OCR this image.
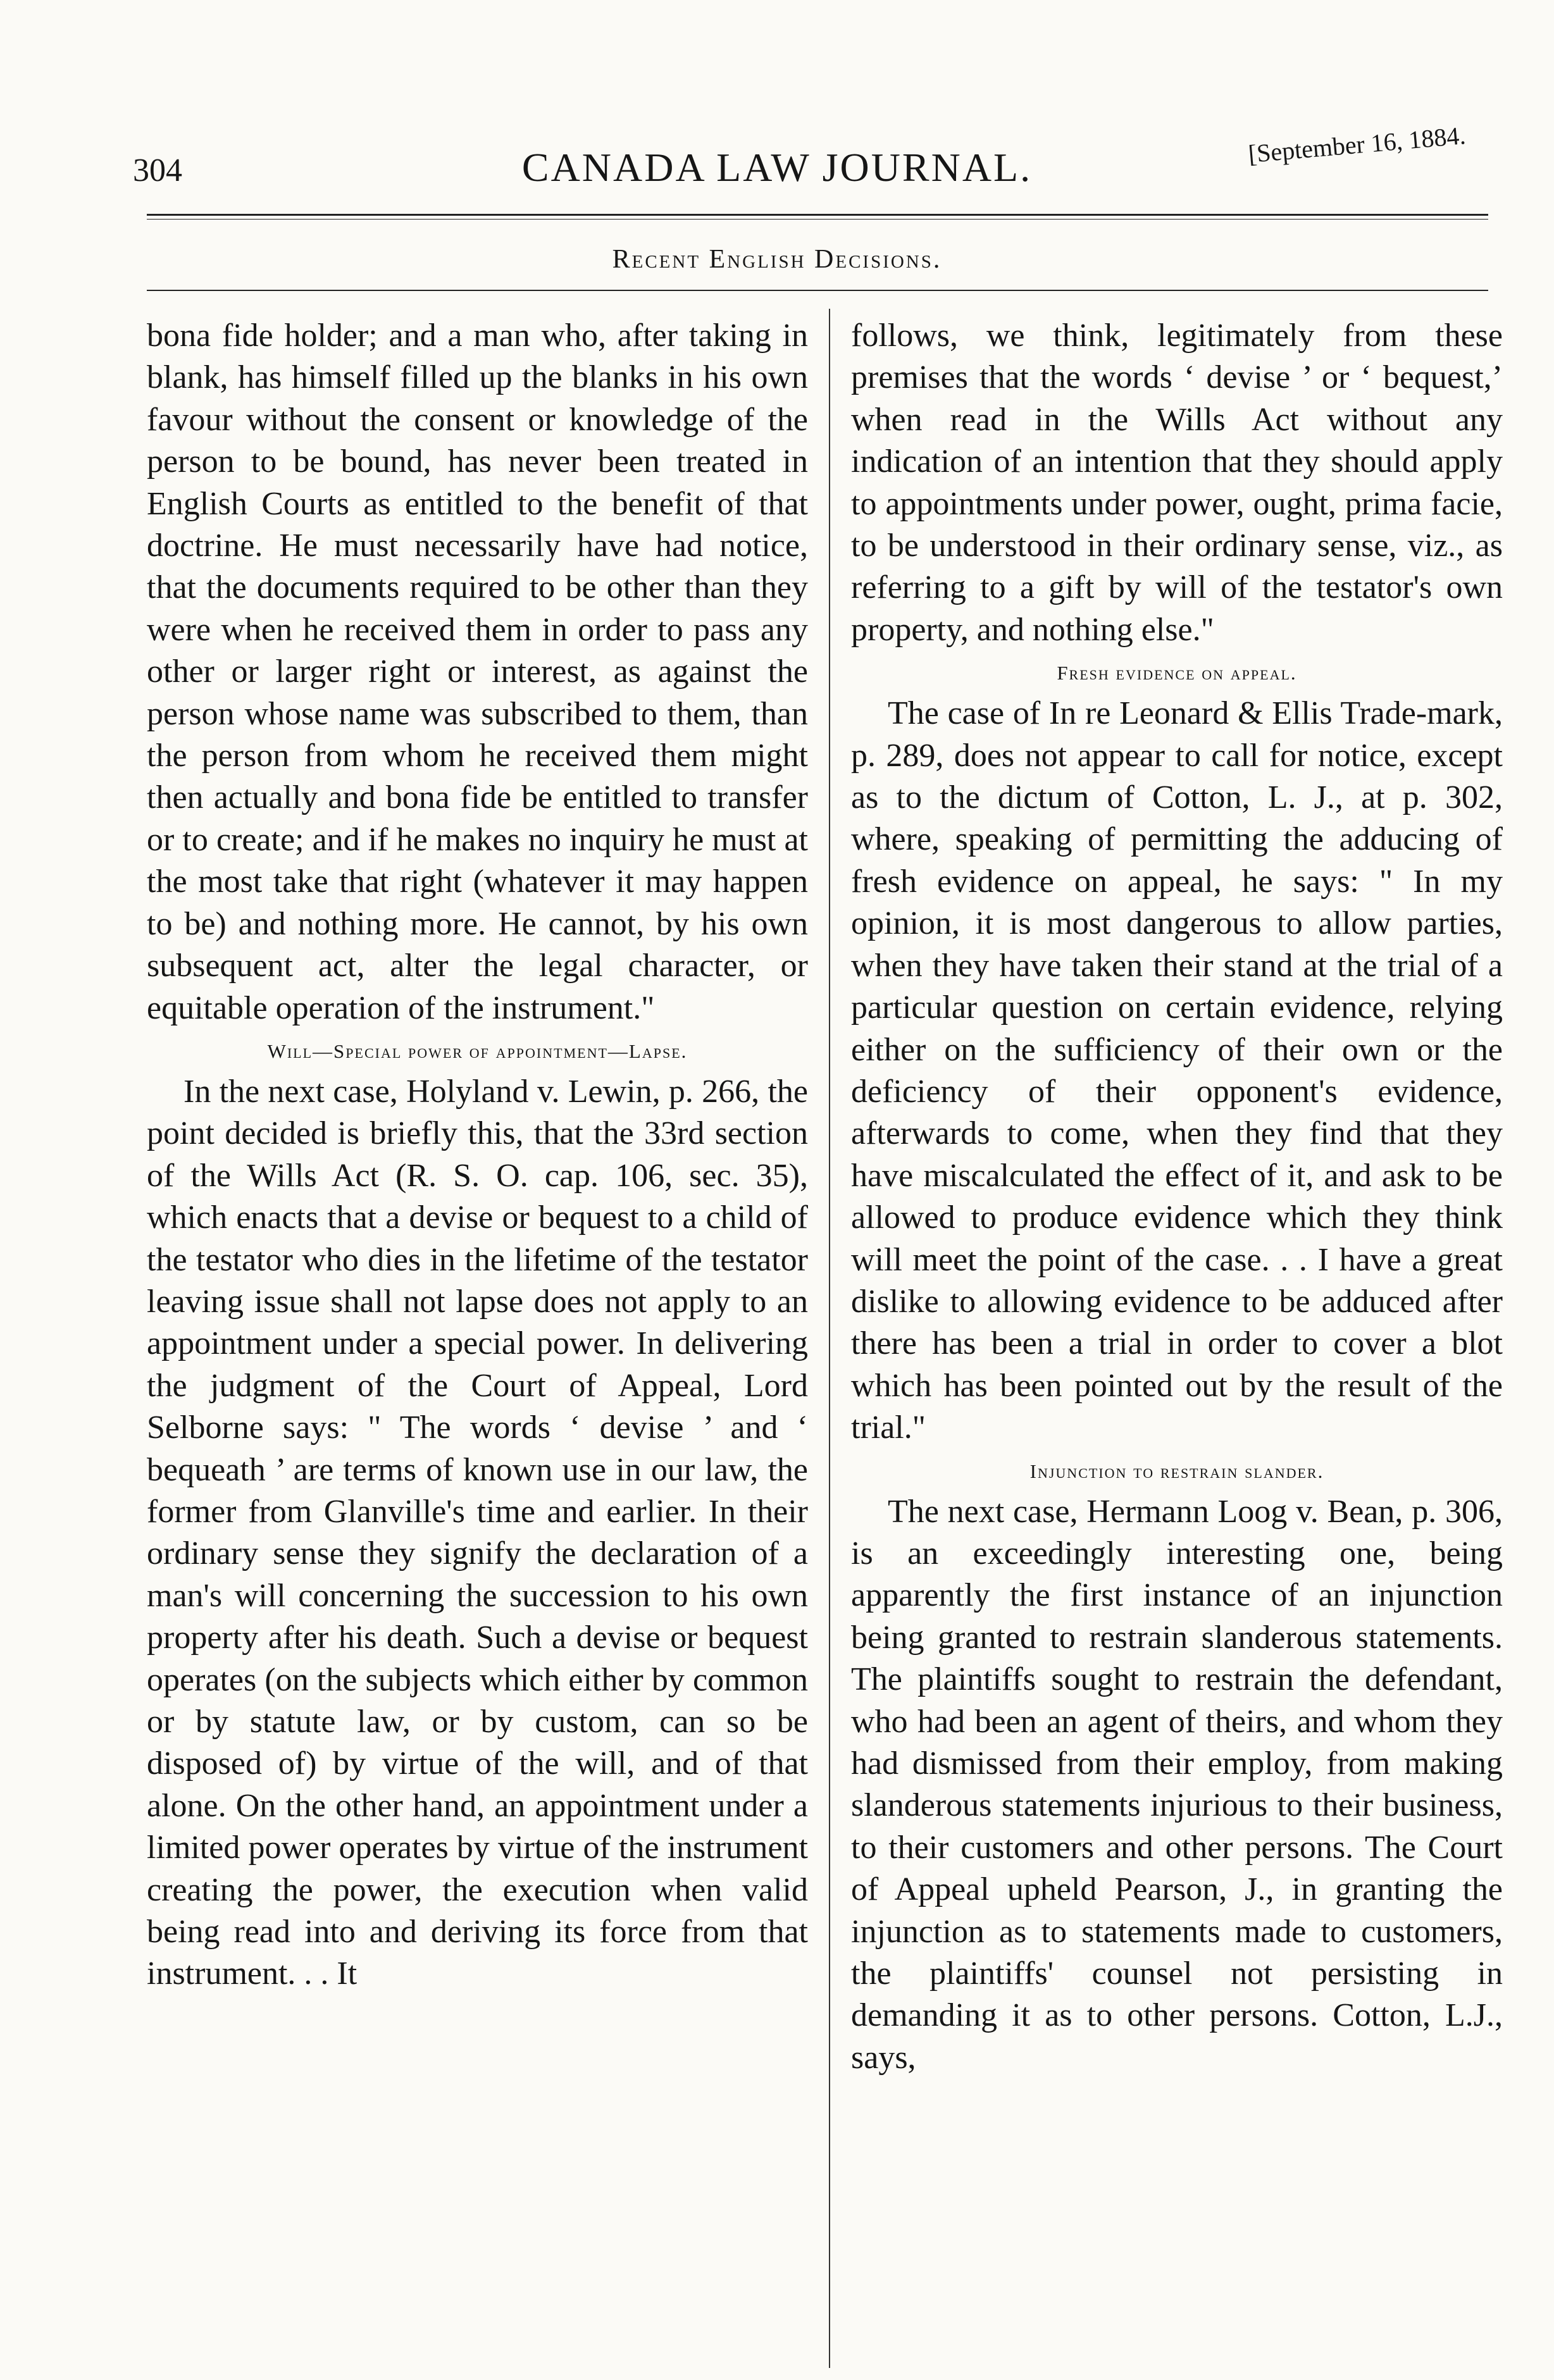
304	CANADA LAW JOURNAL.	[September 16, 1884.
Recent English Decisions.

bona fide holder; and a man who, after taking in blank, has himself filled up the blanks in his own favour without the consent or knowledge of the person to be bound, has never been treated in English Courts as entitled to the benefit of that doctrine. He must necessarily have had notice, that the documents required to be other than they were when he received them in order to pass any other or larger right or interest, as against the person whose name was subscribed to them, than the person from whom he received them might then actually and bona fide be entitled to transfer or to create; and if he makes no inquiry he must at the most take that right (whatever it may happen to be) and nothing more. He cannot, by his own subsequent act, alter the legal character, or equitable operation of the instrument."

Will—Special power of appointment—Lapse.

In the next case, Holyland v. Lewin, p. 266, the point decided is briefly this, that the 33rd section of the Wills Act (R. S. O. cap. 106, sec. 35), which enacts that a devise or bequest to a child of the testator who dies in the lifetime of the testator leaving issue shall not lapse does not apply to an appointment under a special power. In delivering the judgment of the Court of Appeal, Lord Selborne says: " The words ‘ devise ’ and ‘ bequeath ’ are terms of known use in our law, the former from Glanville's time and earlier. In their ordinary sense they signify the declaration of a man's will concerning the succession to his own property after his death. Such a devise or bequest operates (on the subjects which either by common or by statute law, or by custom, can so be disposed of) by virtue of the will, and of that alone. On the other hand, an appointment under a limited power operates by virtue of the instrument creating the power, the execution when valid being read into and deriving its force from that instrument. . . It

follows, we think, legitimately from these premises that the words ‘ devise ’ or ‘ bequest,’ when read in the Wills Act without any indication of an intention that they should apply to appointments under power, ought, prima facie, to be understood in their ordinary sense, viz., as referring to a gift by will of the testator's own property, and nothing else."

Fresh evidence on appeal.

The case of In re Leonard & Ellis Trade-mark, p. 289, does not appear to call for notice, except as to the dictum of Cotton, L. J., at p. 302, where, speaking of permitting the adducing of fresh evidence on appeal, he says: " In my opinion, it is most dangerous to allow parties, when they have taken their stand at the trial of a particular question on certain evidence, relying either on the sufficiency of their own or the deficiency of their opponent's evidence, afterwards to come, when they find that they have miscalculated the effect of it, and ask to be allowed to produce evidence which they think will meet the point of the case. . . I have a great dislike to allowing evidence to be adduced after there has been a trial in order to cover a blot which has been pointed out by the result of the trial."

Injunction to restrain slander.

The next case, Hermann Loog v. Bean, p. 306, is an exceedingly interesting one, being apparently the first instance of an injunction being granted to restrain slanderous statements. The plaintiffs sought to restrain the defendant, who had been an agent of theirs, and whom they had dismissed from their employ, from making slanderous statements injurious to their business, to their customers and other persons. The Court of Appeal upheld Pearson, J., in granting the injunction as to statements made to customers, the plaintiffs' counsel not persisting in demanding it as to other persons. Cotton, L.J., says,
